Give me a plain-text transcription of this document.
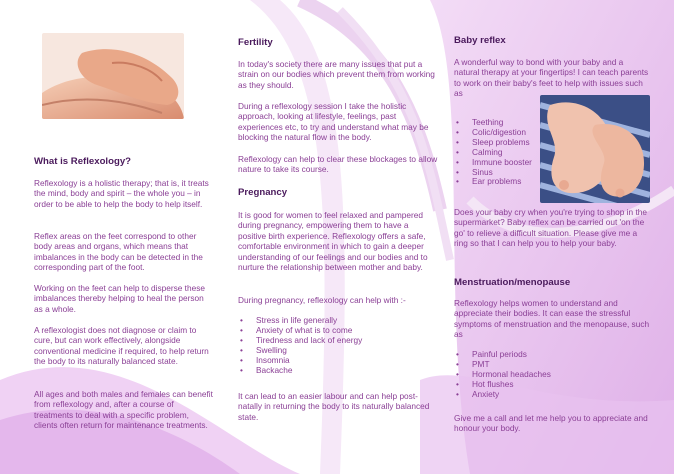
What is Reflexology?

Reflexology is a holistic therapy; that is, it treats the mind, body and spirit – the whole you – in order to be able to help the body to help itself.

Reflex areas on the feet correspond to other body areas and organs, which means that imbalances in the body can be detected in the corresponding part of the foot.

Working on the feet can help to disperse these imbalances thereby helping to heal the person as a whole.

A reflexologist does not diagnose or claim to cure, but can work effectively, alongside conventional medicine if required, to help return the body to its naturally balanced state.

All ages and both males and females can benefit from reflexology and, after a course of treatments to deal with a specific problem, clients often return for maintenance treatments.

Fertility

In today's society there are many issues that put a strain on our bodies which prevent them from working as they should.

During a reflexology session I take the holistic approach, looking at lifestyle, feelings, past experiences etc, to try and understand what may be blocking the natural flow in the body.

Reflexology can help to clear these blockages to allow nature to take its course.

Pregnancy

It is good for women to feel relaxed and pampered during pregnancy, empowering them to have a positive birth experience. Reflexology offers a safe, comfortable environment in which to gain a deeper understanding of our feelings and our bodies and to nurture the relationship between mother and baby.

During pregnancy, reflexology can help with :-

• Stress in life generally
• Anxiety of what is to come
• Tiredness and lack of energy
• Swelling
• Insomnia
• Backache

It can lead to an easier labour and can help post-natally in returning the body to its naturally balanced state.

Baby reflex

A wonderful way to bond with your baby and a natural therapy at your fingertips! I can teach parents to work on their baby's feet to help with issues such as

• Teething
• Colic/digestion
• Sleep problems
• Calming
• Immune booster
• Sinus
• Ear problems

Does your baby cry when you're trying to shop in the supermarket? Baby reflex can be carried out 'on the go' to relieve a difficult situation. Please give me a ring so that I can help you to help your baby.

Menstruation/menopause

Reflexology helps women to understand and appreciate their bodies. It can ease the stressful symptoms of menstruation and the menopause, such as

• Painful periods
• PMT
• Hormonal headaches
• Hot flushes
• Anxiety

Give me a call and let me help you to appreciate and honour your body.
